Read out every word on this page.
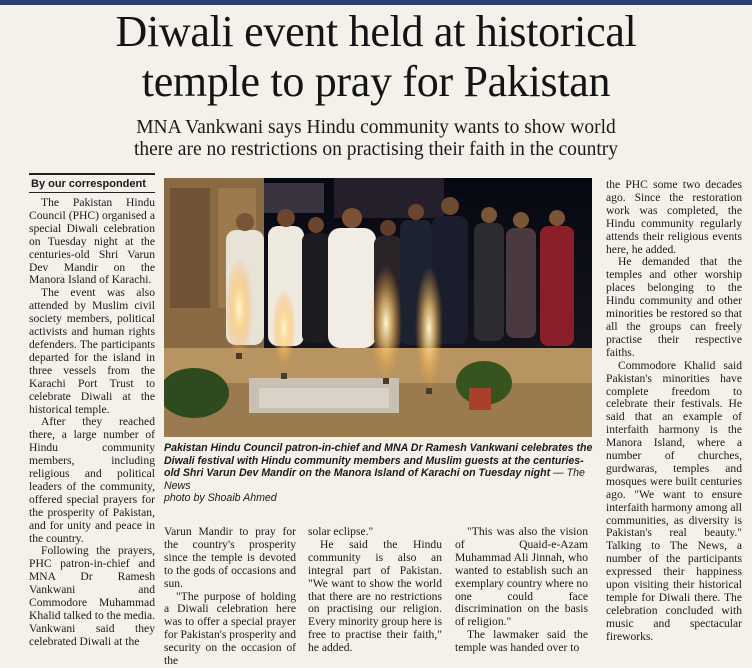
Diwali event held at historical
temple to pray for Pakistan
MNA Vankwani says Hindu community wants to show world
there are no restrictions on practising their faith in the country
By our correspondent

The Pakistan Hindu Council (PHC) organised a special Diwali celebration on Tuesday night at the centuries-old Shri Varun Dev Mandir on the Manora Island of Karachi.

The event was also attended by Muslim civil society members, political activists and human rights defenders. The participants departed for the island in three vessels from the Karachi Port Trust to celebrate Diwali at the historical temple.

After they reached there, a large number of Hindu community members, including religious and political leaders of the community, offered special prayers for the prosperity of Pakistan, and for unity and peace in the country.

Following the prayers, PHC patron-in-chief and MNA Dr Ramesh Vankwani and Commodore Muhammad Khalid talked to the media. Vankwani said they celebrated Diwali at the

Pakistan Hindu Council patron-in-chief and MNA Dr Ramesh Vankwani celebrates the Diwali festival with Hindu community members and Muslim guests at the centuries-old Shri Varun Dev Mandir on the Manora Island of Karachi on Tuesday night — The News
photo by Shoaib Ahmed

Varun Mandir to pray for the country's prosperity since the temple is devoted to the gods of occasions and sun.

"The purpose of holding a Diwali celebration here was to offer a special prayer for Pakistan's prosperity and security on the occasion of the

solar eclipse."

He said the Hindu community is also an integral part of Pakistan. "We want to show the world that there are no restrictions on practising our religion. Every minority group here is free to practise their faith," he added.

"This was also the vision of Quaid-e-Azam Muhammad Ali Jinnah, who wanted to establish such an exemplary country where no one could face discrimination on the basis of religion."

The lawmaker said the temple was handed over to

the PHC some two decades ago. Since the restoration work was completed, the Hindu community regularly attends their religious events here, he added.

He demanded that the temples and other worship places belonging to the Hindu community and other minorities be restored so that all the groups can freely practise their respective faiths.

Commodore Khalid said Pakistan's minorities have complete freedom to celebrate their festivals. He said that an example of interfaith harmony is the Manora Island, where a number of churches, gurdwaras, temples and mosques were built centuries ago. "We want to ensure interfaith harmony among all communities, as diversity is Pakistan's real beauty." Talking to The News, a number of the participants expressed their happiness upon visiting their historical temple for Diwali there. The celebration concluded with music and spectacular fireworks.
